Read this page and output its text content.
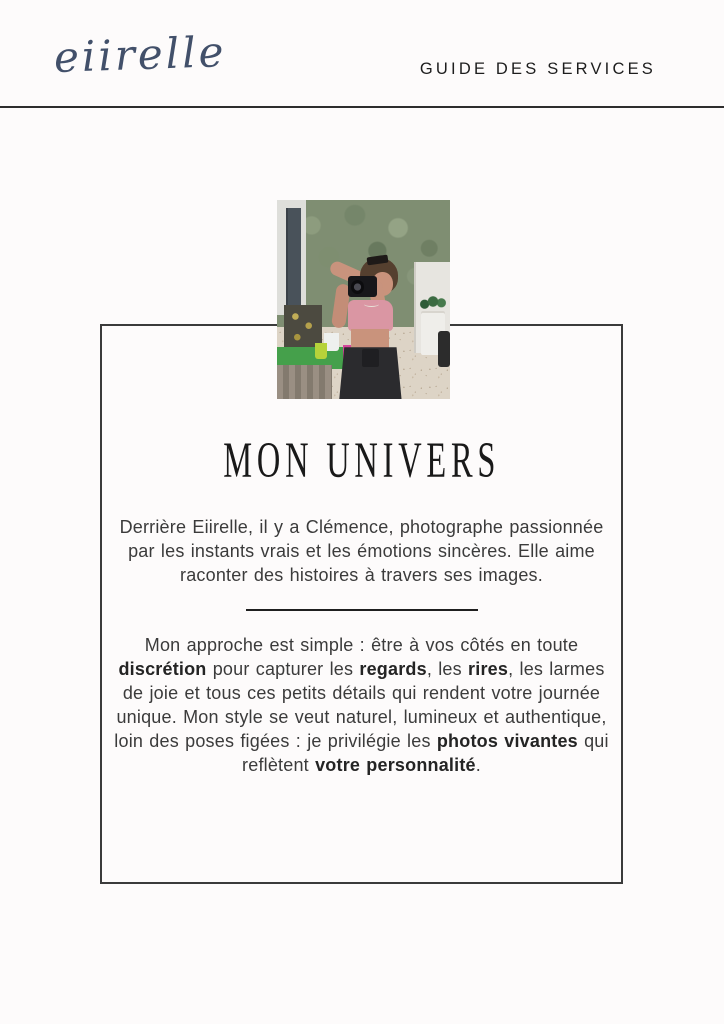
eiirelle	GUIDE DES SERVICES
MON UNIVERS

Derrière Eiirelle, il y a Clémence, photographe passionnée par les instants vrais et les émotions sincères. Elle aime raconter des histoires à travers ses images.

Mon approche est simple : être à vos côtés en toute discrétion pour capturer les regards, les rires, les larmes de joie et tous ces petits détails qui rendent votre journée unique. Mon style se veut naturel, lumineux et authentique, loin des poses figées : je privilégie les photos vivantes qui reflètent votre personnalité.
